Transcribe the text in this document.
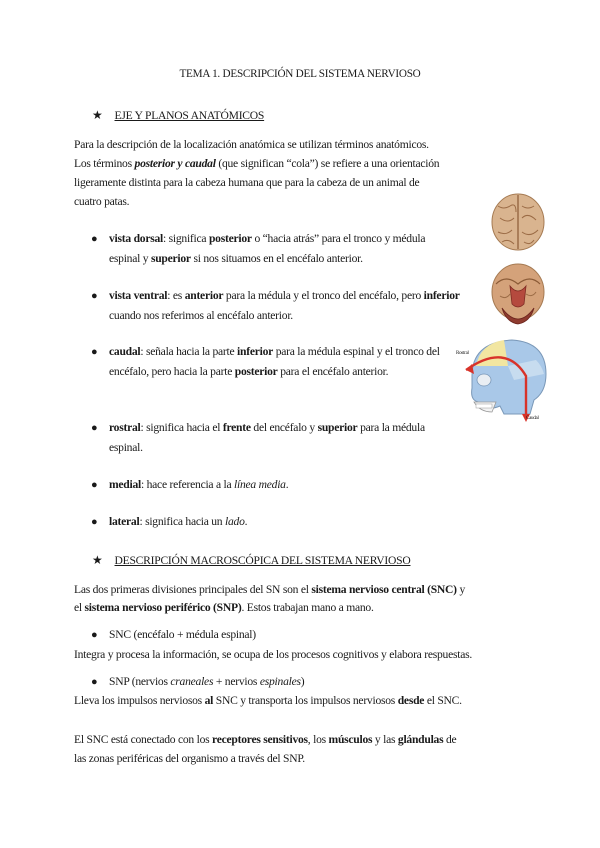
TEMA 1. DESCRIPCIÓN DEL SISTEMA NERVIOSO
★ EJE Y PLANOS ANATÓMICOS
Para la descripción de la localización anatómica se utilizan términos anatómicos.
Los términos posterior y caudal (que significan “cola”) se refiere a una orientación
ligeramente distinta para la cabeza humana que para la cabeza de un animal de
cuatro patas.
● vista dorsal: significa posterior o “hacia atrás” para el tronco y médula espinal y superior si nos situamos en el encéfalo anterior.
● vista ventral: es anterior para la médula y el tronco del encéfalo, pero inferior cuando nos referimos al encéfalo anterior.
● caudal: señala hacia la parte inferior para la médula espinal y el tronco del encéfalo, pero hacia la parte posterior para el encéfalo anterior.
● rostral: significa hacia el frente del encéfalo y superior para la médula espinal.
● medial: hace referencia a la línea media.
● lateral: significa hacia un lado.
Rostral
Caudal
★ DESCRIPCIÓN MACROSCÓPICA DEL SISTEMA NERVIOSO
Las dos primeras divisiones principales del SN son el sistema nervioso central (SNC) y
el sistema nervioso periférico (SNP). Estos trabajan mano a mano.
● SNC (encéfalo + médula espinal)
Integra y procesa la información, se ocupa de los procesos cognitivos y elabora respuestas.
● SNP (nervios craneales + nervios espinales)
Lleva los impulsos nerviosos al SNC y transporta los impulsos nerviosos desde el SNC.
El SNC está conectado con los receptores sensitivos, los músculos y las glándulas de
las zonas periféricas del organismo a través del SNP.
